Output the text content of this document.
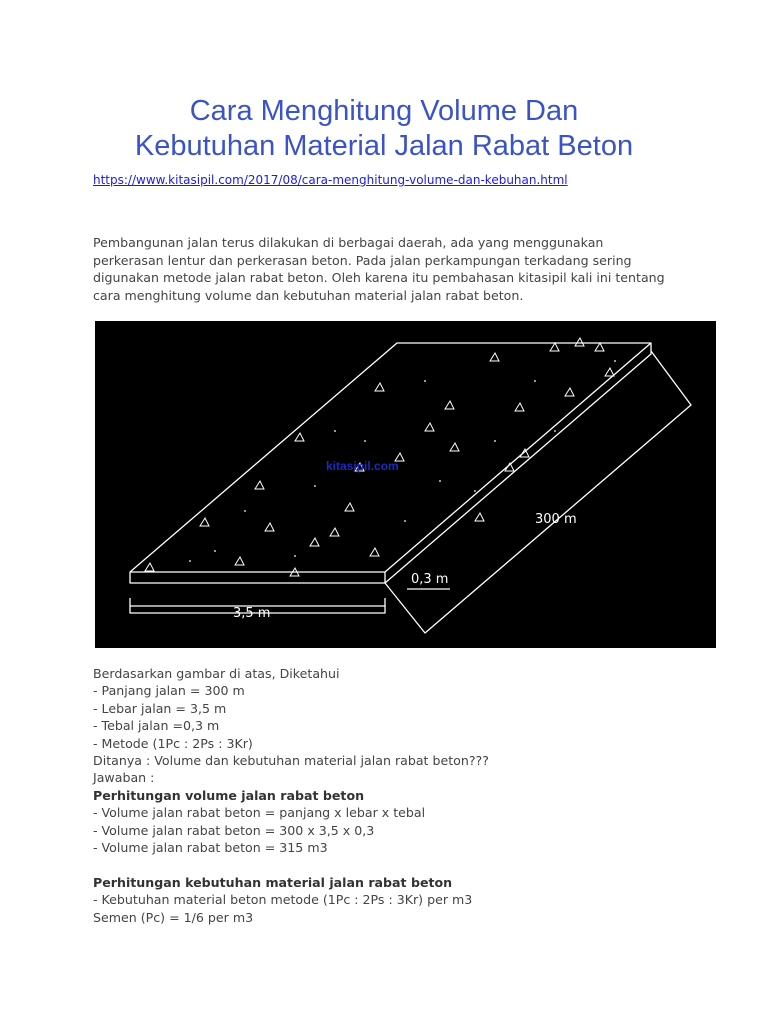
Cara Menghitung Volume Dan
Kebutuhan Material Jalan Rabat Beton
https://www.kitasipil.com/2017/08/cara-menghitung-volume-dan-kebuhan.html

Pembangunan jalan terus dilakukan di berbagai daerah, ada yang menggunakan
perkerasan lentur dan perkerasan beton. Pada jalan perkampungan terkadang sering
digunakan metode jalan rabat beton. Oleh karena itu pembahasan kitasipil kali ini tentang
cara menghitung volume dan kebutuhan material jalan rabat beton.

kitasipil.com
300 m
0,3 m
3,5 m
Berdasarkan gambar di atas, Diketahui
- Panjang jalan = 300 m
- Lebar jalan = 3,5 m
- Tebal jalan =0,3 m
- Metode (1Pc : 2Ps : 3Kr)
Ditanya : Volume dan kebutuhan material jalan rabat beton???
Jawaban :
Perhitungan volume jalan rabat beton
- Volume jalan rabat beton = panjang x lebar x tebal
- Volume jalan rabat beton = 300 x 3,5 x 0,3
- Volume jalan rabat beton = 315 m3
Perhitungan kebutuhan material jalan rabat beton
- Kebutuhan material beton metode (1Pc : 2Ps : 3Kr) per m3
Semen (Pc) = 1/6 per m3
